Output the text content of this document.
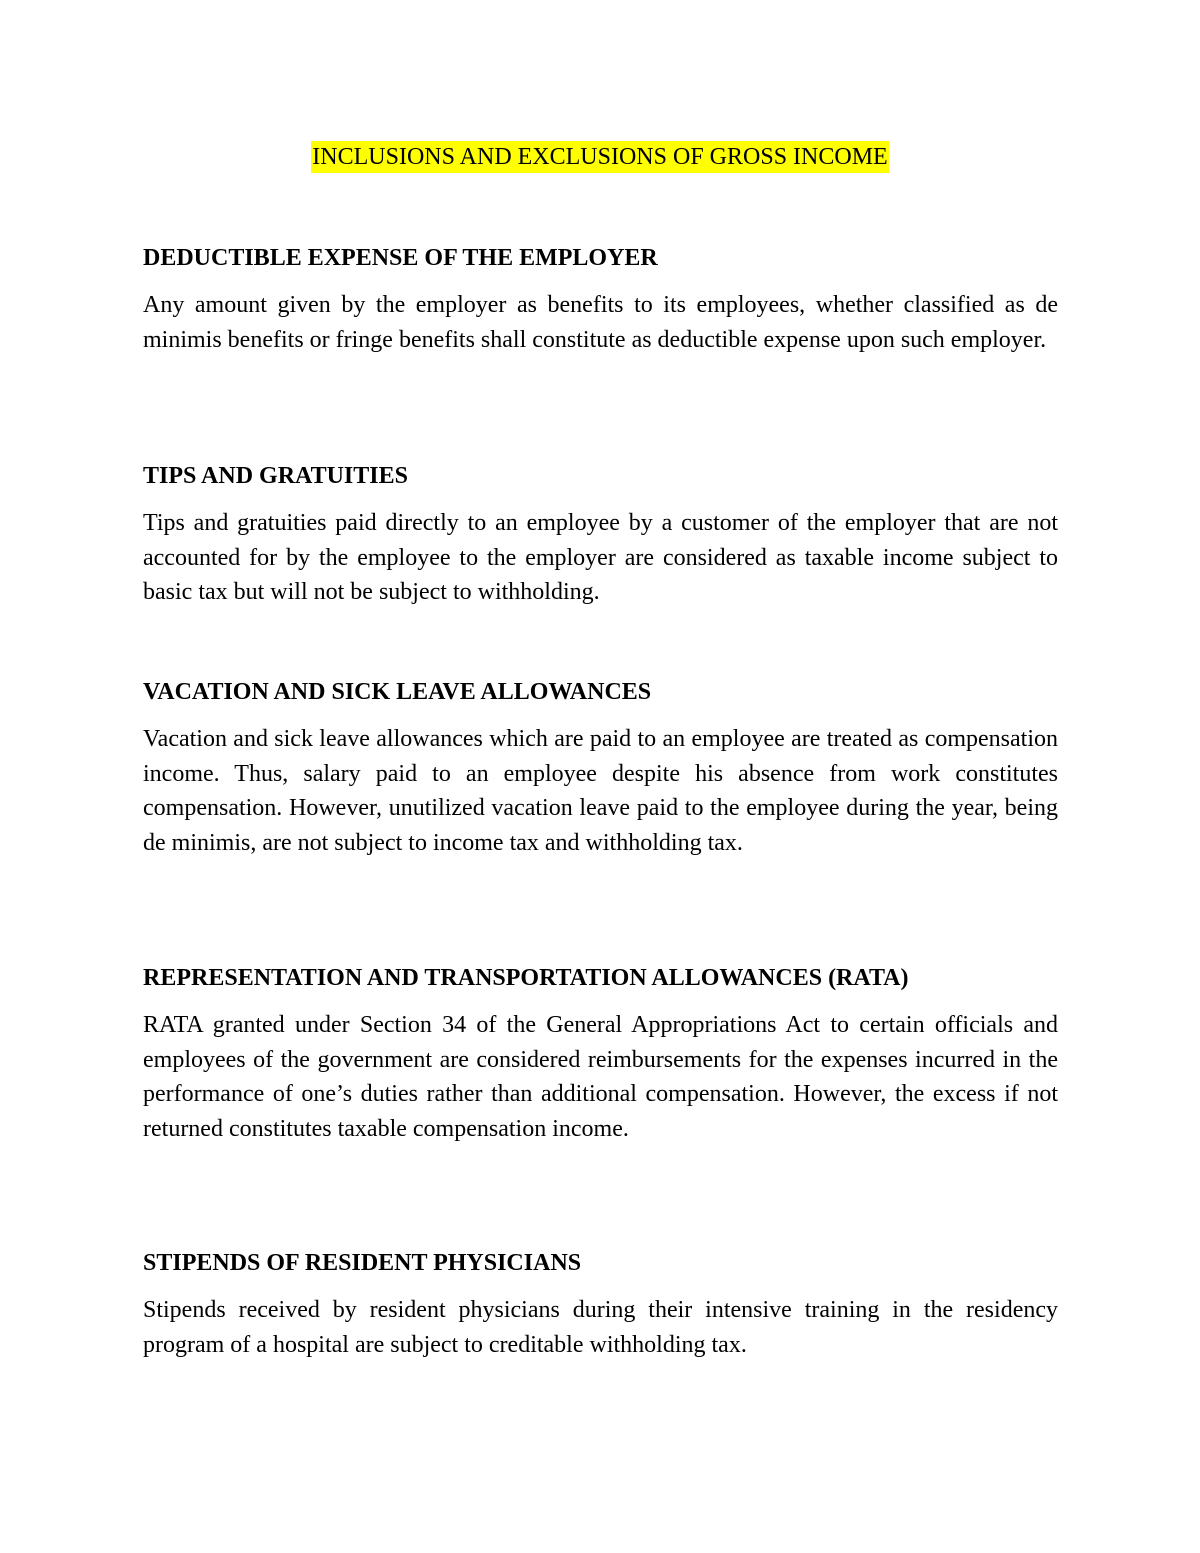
INCLUSIONS AND EXCLUSIONS OF GROSS INCOME
DEDUCTIBLE EXPENSE OF THE EMPLOYER

Any amount given by the employer as benefits to its employees, whether classified as de minimis benefits or fringe benefits shall constitute as deductible expense upon such employer.

TIPS AND GRATUITIES

Tips and gratuities paid directly to an employee by a customer of the employer that are not accounted for by the employee to the employer are considered as taxable income subject to basic tax but will not be subject to withholding.

VACATION AND SICK LEAVE ALLOWANCES

Vacation and sick leave allowances which are paid to an employee are treated as compensation income. Thus, salary paid to an employee despite his absence from work constitutes compensation. However, unutilized vacation leave paid to the employee during the year, being de minimis, are not subject to income tax and withholding tax.

REPRESENTATION AND TRANSPORTATION ALLOWANCES (RATA)

RATA granted under Section 34 of the General Appropriations Act to certain officials and employees of the government are considered reimbursements for the expenses incurred in the performance of one’s duties rather than additional compensation. However, the excess if not returned constitutes taxable compensation income.

STIPENDS OF RESIDENT PHYSICIANS

Stipends received by resident physicians during their intensive training in the residency program of a hospital are subject to creditable withholding tax.
